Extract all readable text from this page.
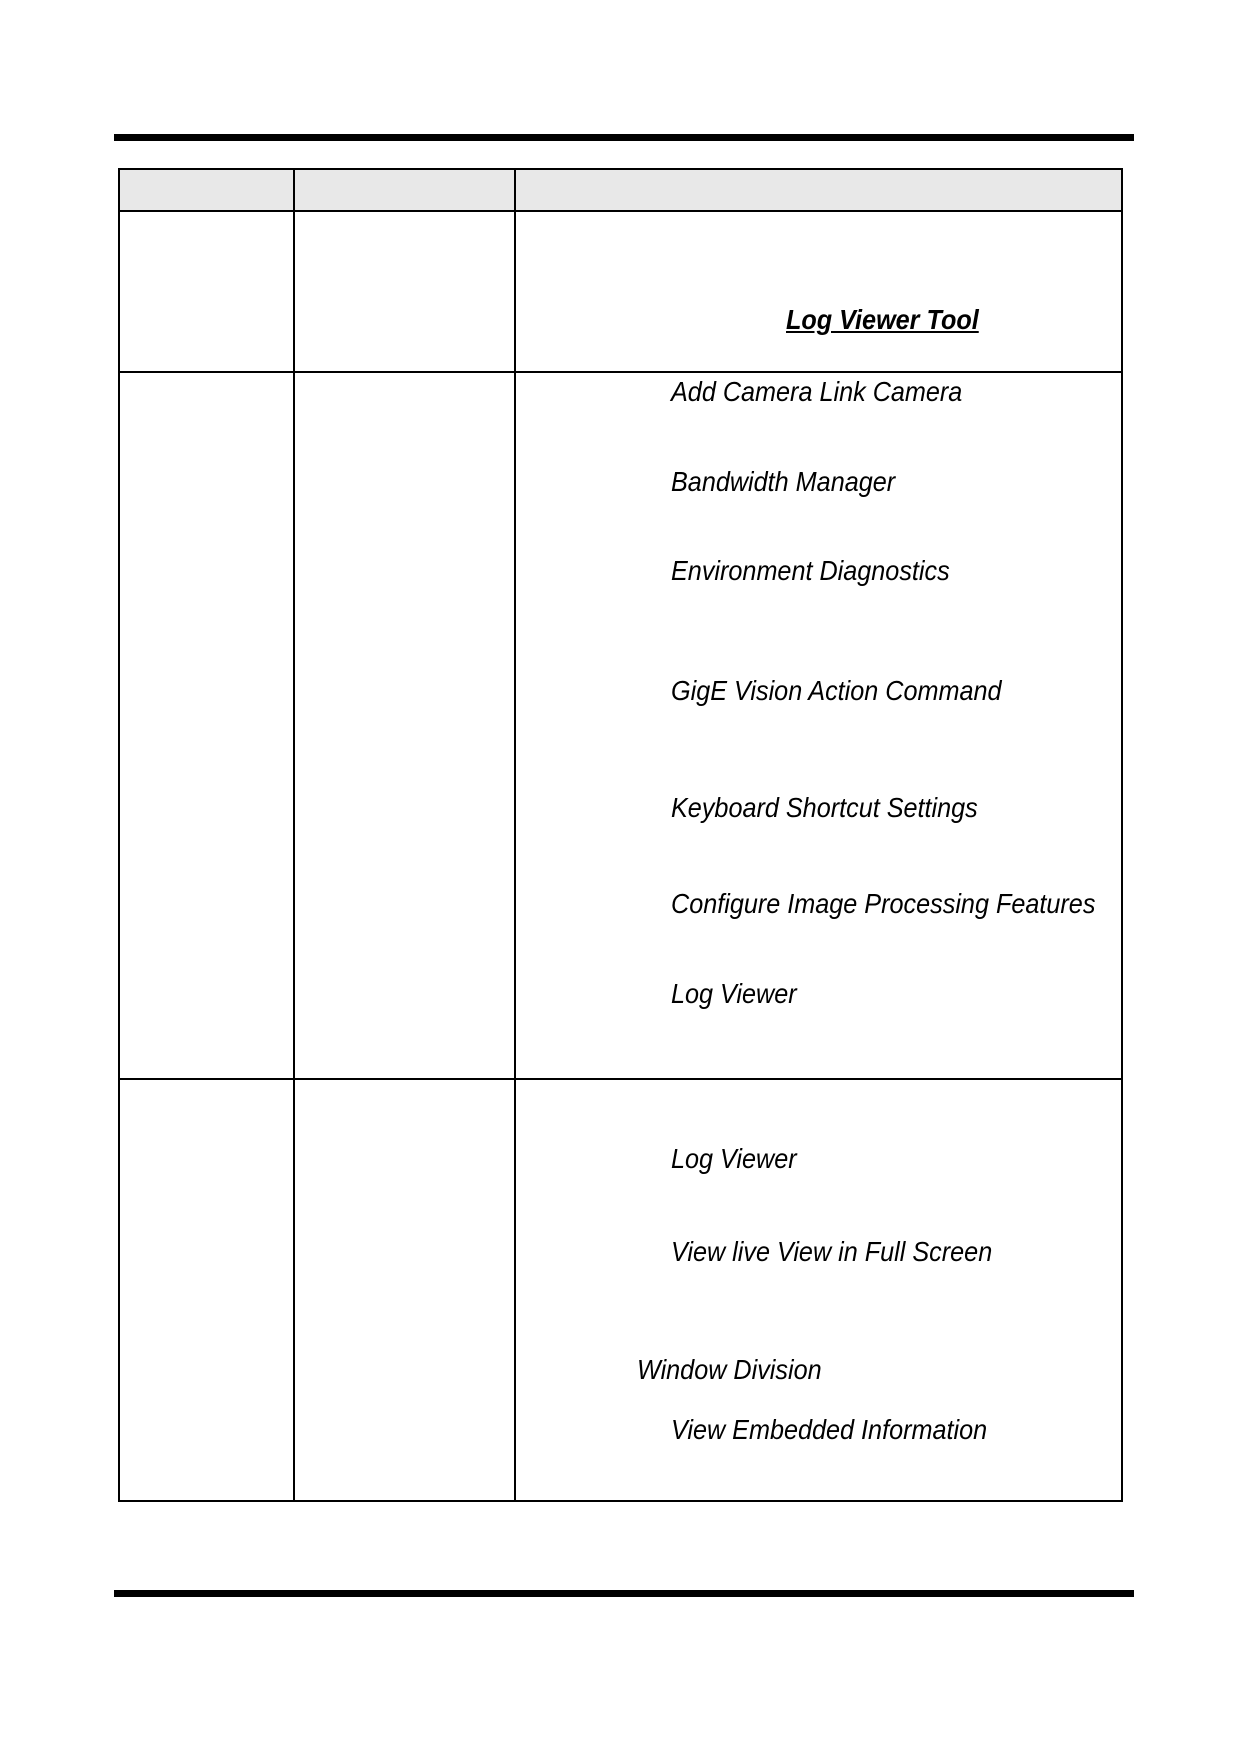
Log Viewer Tool
Add Camera Link Camera
Bandwidth Manager
Environment Diagnostics
GigE Vision Action Command
Keyboard Shortcut Settings
Configure Image Processing Features
Log Viewer
Log Viewer
View live View in Full Screen
Window Division
View Embedded Information
